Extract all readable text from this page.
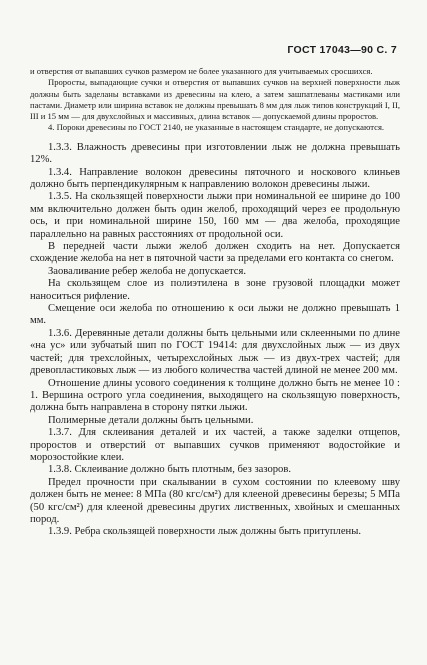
ГОСТ 17043—90 С. 7

и отверстия от выпавших сучков размером не более указанного для учитываемых сросшихся.

Проросты, выпадающие сучки и отверстия от выпавших сучков на верхней поверхности лыж должны быть заделаны вставками из древесины на клею, а затем зашпатлеваны мастиками или пастами. Диаметр или ширина вставок не должны превышать 8 мм для лыж типов конструкций I, II, III и 15 мм — для двухслойных и массивных, длина вставок — допускаемой длины проростов.

4. Пороки древесины по ГОСТ 2140, не указанные в настоящем стандарте, не допускаются.

1.3.3. Влажность древесины при изготовлении лыж не должна превышать 12%.

1.3.4. Направление волокон древесины пяточного и носкового клиньев должно быть перпендикулярным к направлению волокон древесины лыжи.

1.3.5. На скользящей поверхности лыжи при номинальной ее ширине до 100 мм включительно должен быть один желоб, проходящий через ее продольную ось, и при номинальной ширине 150, 160 мм — два желоба, проходящие параллельно на равных расстояниях от продольной оси.

В передней части лыжи желоб должен сходить на нет. Допускается схождение желоба на нет в пяточной части за пределами его контакта со снегом.

Заоваливание ребер желоба не допускается.

На скользящем слое из полиэтилена в зоне грузовой площадки может наноситься рифление.

Смещение оси желоба по отношению к оси лыжи не должно превышать 1 мм.

1.3.6. Деревянные детали должны быть цельными или склеенными по длине «на ус» или зубчатый шип по ГОСТ 19414: для двухслойных лыж — из двух частей; для трехслойных, четырехслойных лыж — из двух-трех частей; для древопластиковых лыж — из любого количества частей длиной не менее 200 мм.

Отношение длины усового соединения к толщине должно быть не менее 10 : 1. Вершина острого угла соединения, выходящего на скользящую поверхность, должна быть направлена в сторону пятки лыжи.

Полимерные детали должны быть цельными.

1.3.7. Для склеивания деталей и их частей, а также заделки отщепов, проростов и отверстий от выпавших сучков применяют водостойкие и морозостойкие клеи.

1.3.8. Склеивание должно быть плотным, без зазоров.

Предел прочности при скалывании в сухом состоянии по клеевому шву должен быть не менее: 8 МПа (80 кгс/см²) для клееной древесины березы; 5 МПа (50 кгс/см²) для клееной древесины других лиственных, хвойных и смешанных пород.

1.3.9. Ребра скользящей поверхности лыж должны быть притуплены.
